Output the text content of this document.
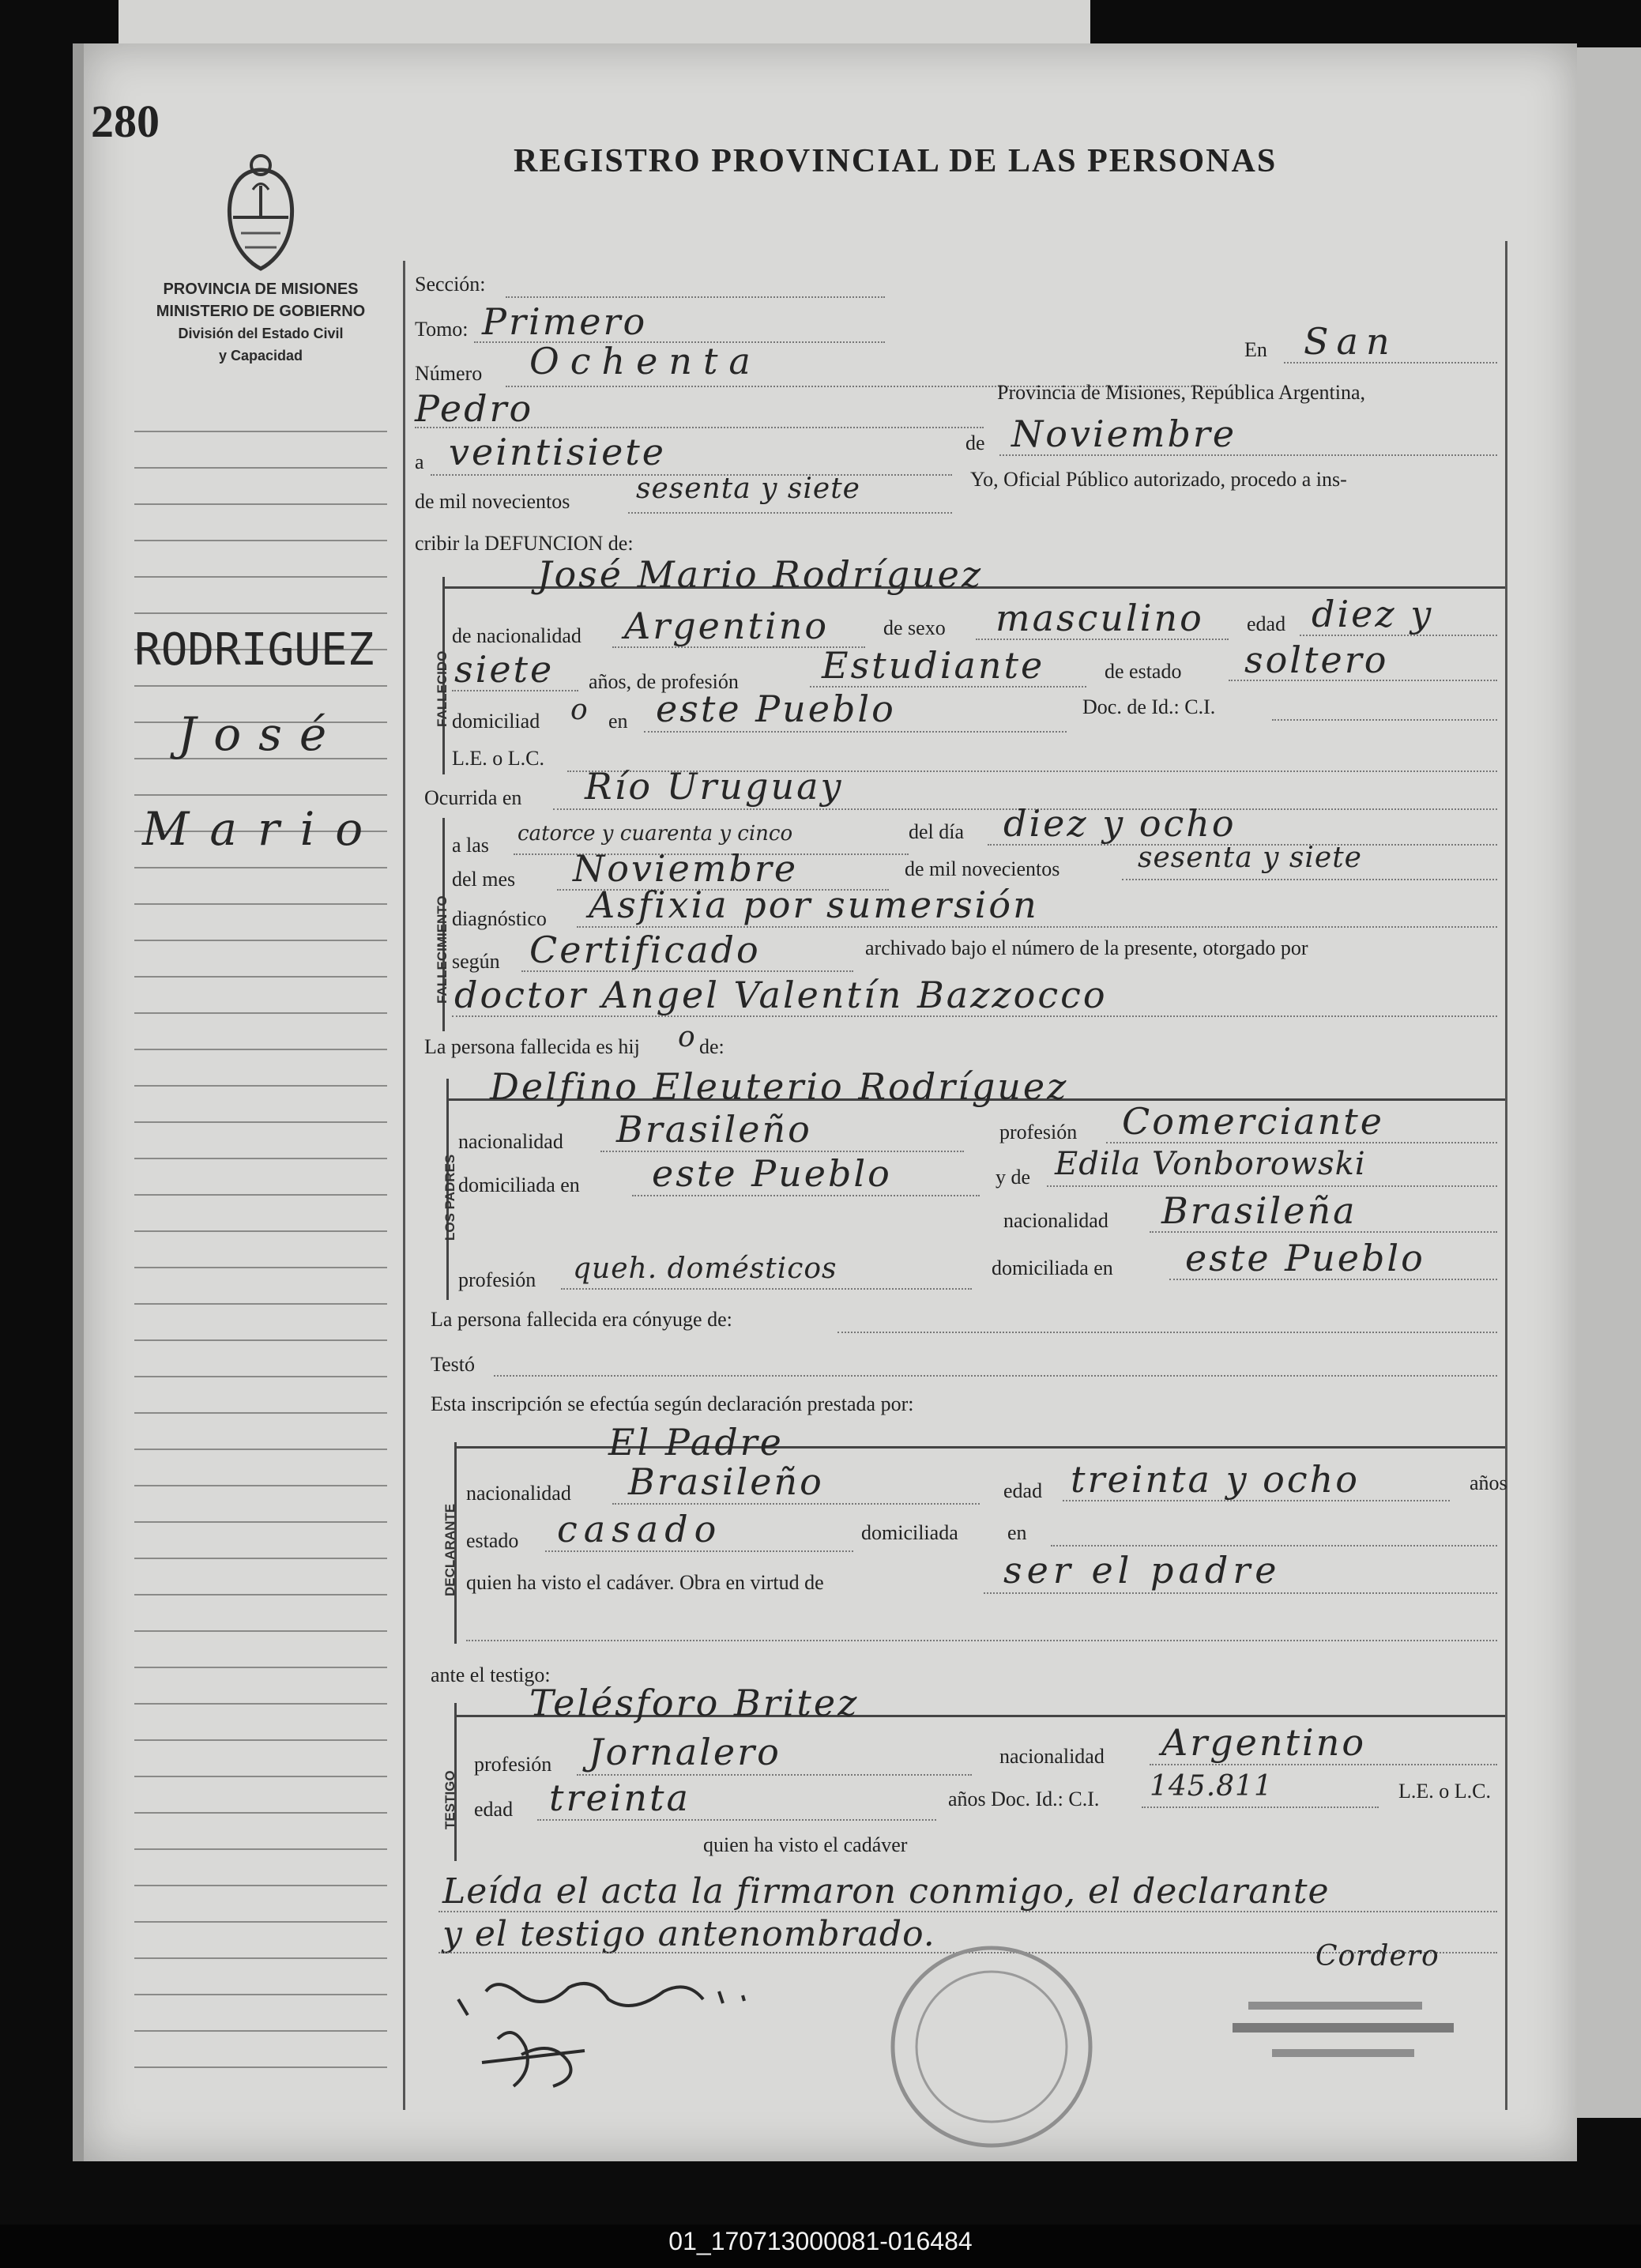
280
PROVINCIA DE MISIONES
MINISTERIO DE GOBIERNO
División del Estado Civil
y Capacidad
REGISTRO PROVINCIAL DE LAS PERSONAS
RODRIGUEZ
José
Mario
Sección:
Tomo: Primero
Número Ochenta	En San
Pedro	Provincia de Misiones, República Argentina,
a veintisiete	de Noviembre
de mil novecientos sesenta y siete	Yo, Oficial Público autorizado, procedo a ins-
cribir la DEFUNCION de:
FALLECIDO
José Mario Rodríguez
de nacionalidad Argentino	de sexo masculino edad diez y
siete años, de profesión Estudiante	de estado soltero
domiciliad o en este Pueblo	Doc. de Id.: C.I.
L.E. o L.C.
Ocurrida en Río Uruguay
FALLECIMIENTO
a las catorce y cuarenta y cinco	del día diez y ocho
del mes Noviembre	de mil novecientos	sesenta y siete
diagnóstico Asfixia por sumersión
según Certificado	archivado bajo el número de la presente, otorgado por
doctor Angel Valentín Bazzocco
La persona fallecida es hij o de:
LOS PADRES
Delfino Eleuterio Rodríguez
nacionalidad Brasileño	profesión Comerciante
domiciliada en este Pueblo	y de Edila Vonborowski
nacionalidad Brasileña
profesión queh. domésticos	domiciliada en este Pueblo
La persona fallecida era cónyuge de:
Testó
Esta inscripción se efectúa según declaración prestada por:
DECLARANTE
El Padre
nacionalidad Brasileño	edad treinta y ocho	años
estado casado	domiciliada en
quien ha visto el cadáver. Obra en virtud de	ser el padre
ante el testigo:
TESTIGO
Telésforo Britez
profesión Jornalero	nacionalidad Argentino
edad treinta	años Doc. Id.: C.I. 145.811	L.E. o L.C.
quien ha visto el cadáver
Leída el acta la firmaron conmigo, el declarante
y el testigo antenombrado.
Cordero
01_170713000081-016484
